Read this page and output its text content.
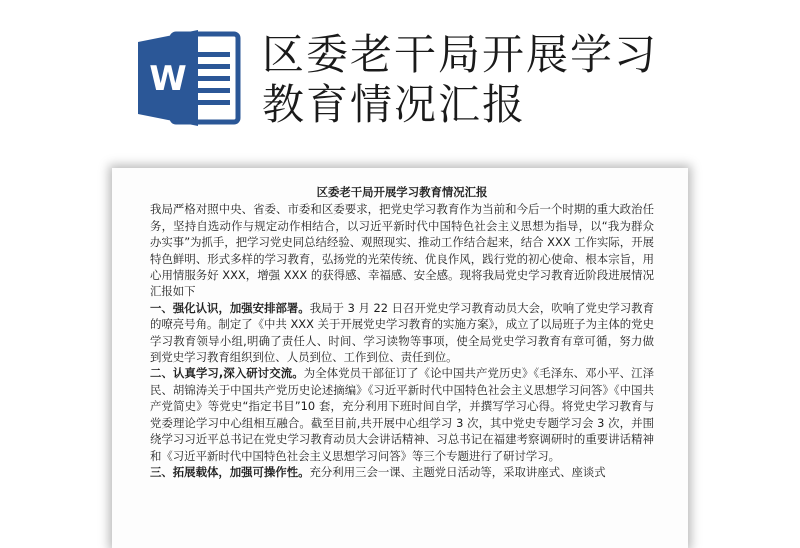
W 区委老干局开展学习
教育情况汇报
区委老干局开展学习教育情况汇报

我局严格对照中央、省委、市委和区委要求，把党史学习教育作为当前和今后一个时期的重大政治任务，坚持自选动作与规定动作相结合，以习近平新时代中国特色社会主义思想为指导，以“我为群众办实事”为抓手，把学习党史同总结经验、观照现实、推动工作结合起来，结合 XXX 工作实际，开展特色鲜明、形式多样的学习教育，弘扬党的光荣传统、优良作风，践行党的初心使命、根本宗旨，用心用情服务好 XXX，增强 XXX 的获得感、幸福感、安全感。现将我局党史学习教育近阶段进展情况汇报如下

一、强化认识，加强安排部署。我局于 3 月 22 日召开党史学习教育动员大会，吹响了党史学习教育的嘹亮号角。制定了《中共 XXX 关于开展党史学习教育的实施方案》，成立了以局班子为主体的党史学习教育领导小组,明确了责任人、时间、学习读物等事项，使全局党史学习教育有章可循，努力做到党史学习教育组织到位、人员到位、工作到位、责任到位。

二、认真学习,深入研讨交流。为全体党员干部征订了《论中国共产党历史》《毛泽东、邓小平、江泽民、胡锦涛关于中国共产党历史论述摘编》《习近平新时代中国特色社会主义思想学习问答》《中国共产党简史》等党史“指定书目”10 套，充分利用下班时间自学，并撰写学习心得。将党史学习教育与党委理论学习中心组相互融合。截至目前,共开展中心组学习 3 次，其中党史专题学习会 3 次，并围绕学习习近平总书记在党史学习教育动员大会讲话精神、习总书记在福建考察调研时的重要讲话精神和《习近平新时代中国特色社会主义思想学习问答》等三个专题进行了研讨学习。

三、拓展载体，加强可操作性。充分利用三会一课、主题党日活动等，采取讲座式、座谈式
